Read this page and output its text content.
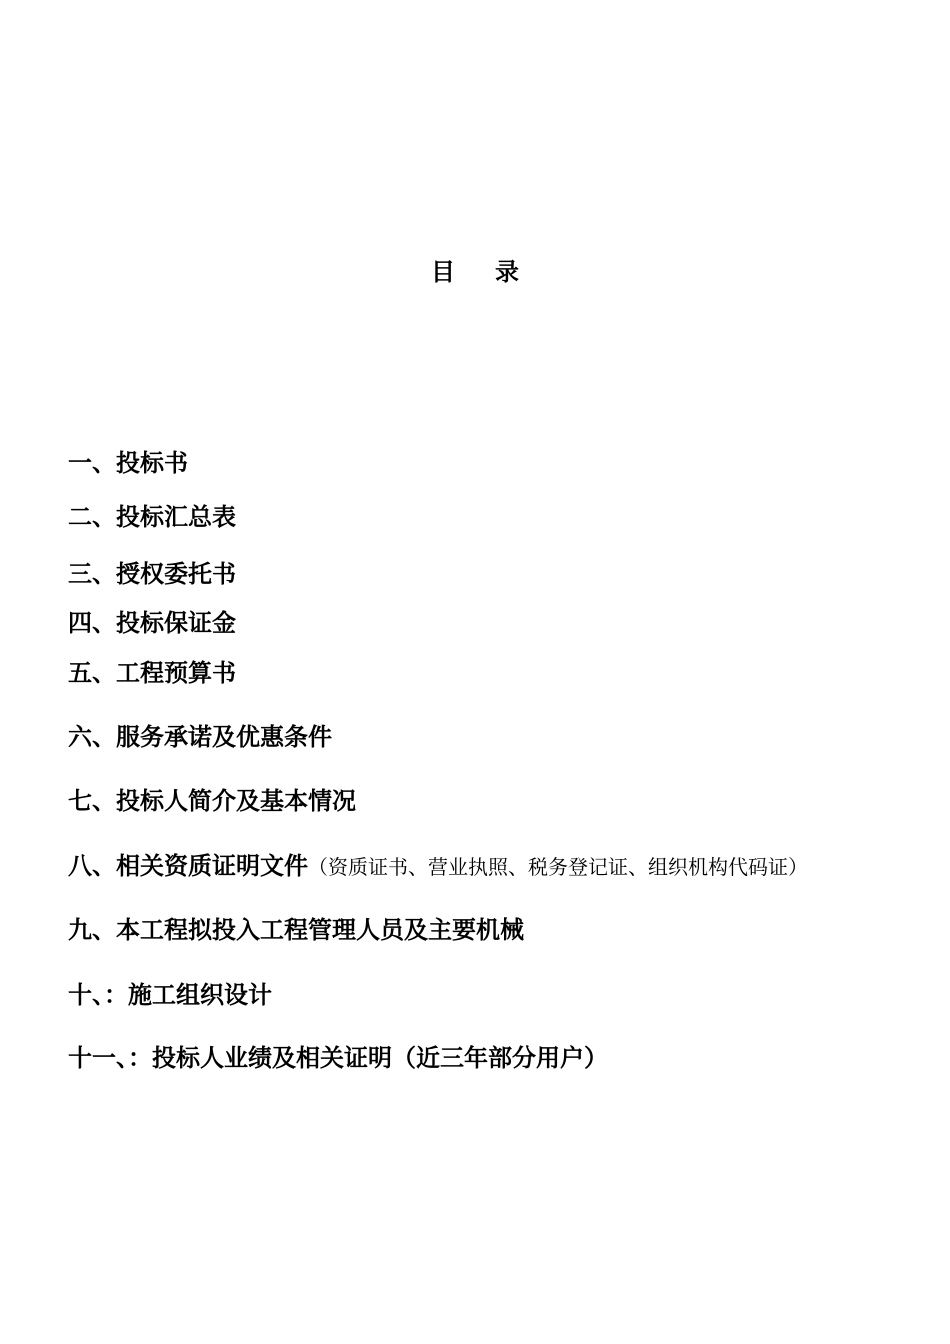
目 录
一、投标书
二、投标汇总表
三、授权委托书
四、投标保证金
五、工程预算书
六、服务承诺及优惠条件
七、投标人简介及基本情况
八、相关资质证明文件（资质证书、营业执照、税务登记证、组织机构代码证）
九、本工程拟投入工程管理人员及主要机械
十、：施工组织设计
十一、：投标人业绩及相关证明（近三年部分用户）
